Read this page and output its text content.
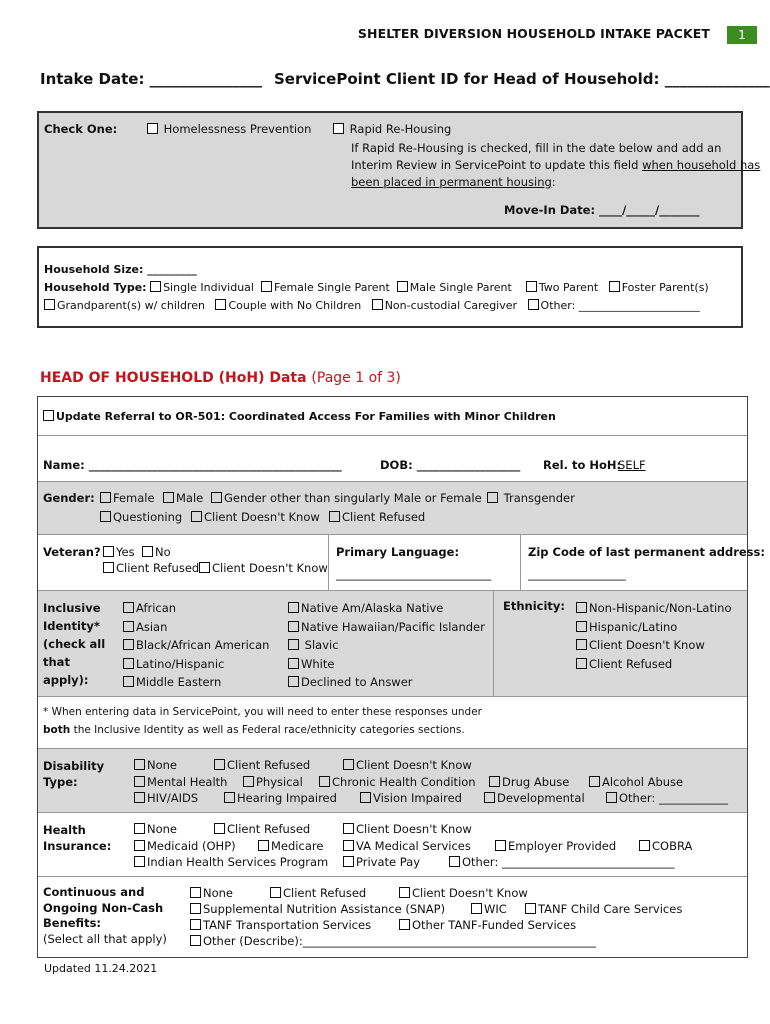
SHELTER DIVERSION HOUSEHOLD INTAKE PACKET	1
Intake Date: _______________ ServicePoint Client ID for Head of Household: ______________
Check One:	Homelessness Prevention	Rapid Re-Housing
If Rapid Re-Housing is checked, fill in the date below and add an
Interim Review in ServicePoint to update this field when household has
been placed in permanent housing:
Move-In Date: ____/_____/_______
Household Size: _________
Household Type: Single Individual Female Single Parent Male Single Parent Two Parent Foster Parent(s)
Grandparent(s) w/ children Couple with No Children Non-custodial Caregiver Other: ______________________
HEAD OF HOUSEHOLD (HoH) Data (Page 1 of 3)
Update Referral to OR-501: Coordinated Access For Families with Minor Children
Name: ____________________________________________	DOB: __________________ Rel. to HoH:
SELF
Gender:	Female	Male	Gender other than singularly Male or Female	Transgender
Questioning	Client Doesn't Know	Client Refused
Veteran?	Yes	No
Client Refused	Client Doesn't Know
Primary Language:
___________________________
Zip Code of last permanent address:
_________________
Inclusive
Identity*
(check all
that
apply):
African
Asian
Black/African American
Latino/Hispanic
Middle Eastern
Native Am/Alaska Native
Native Hawaiian/Pacific Islander
Slavic
White
Declined to Answer
Ethnicity:	Non-Hispanic/Non-Latino
Hispanic/Latino
Client Doesn't Know
Client Refused
* When entering data in ServicePoint, you will need to enter these responses under
both the Inclusive Identity as well as Federal race/ethnicity categories sections.
Disability
Type:
None	Client Refused	Client Doesn't Know
Mental Health	Physical	Chronic Health Condition	Drug Abuse	Alcohol Abuse
HIV/AIDS	Hearing Impaired	Vision Impaired	Developmental	Other: ____________
Health
Insurance:
None	Client Refused	Client Doesn't Know
Medicaid (OHP)	Medicare	VA Medical Services	Employer Provided	COBRA
Indian Health Services Program	Private Pay	Other: ______________________________
Continuous and
Ongoing Non-Cash
Benefits:
(Select all that apply)
None	Client Refused	Client Doesn't Know
Supplemental Nutrition Assistance (SNAP)	WIC	TANF Child Care Services
TANF Transportation Services	Other TANF-Funded Services
Other (Describe):___________________________________________________
Updated 11.24.2021
